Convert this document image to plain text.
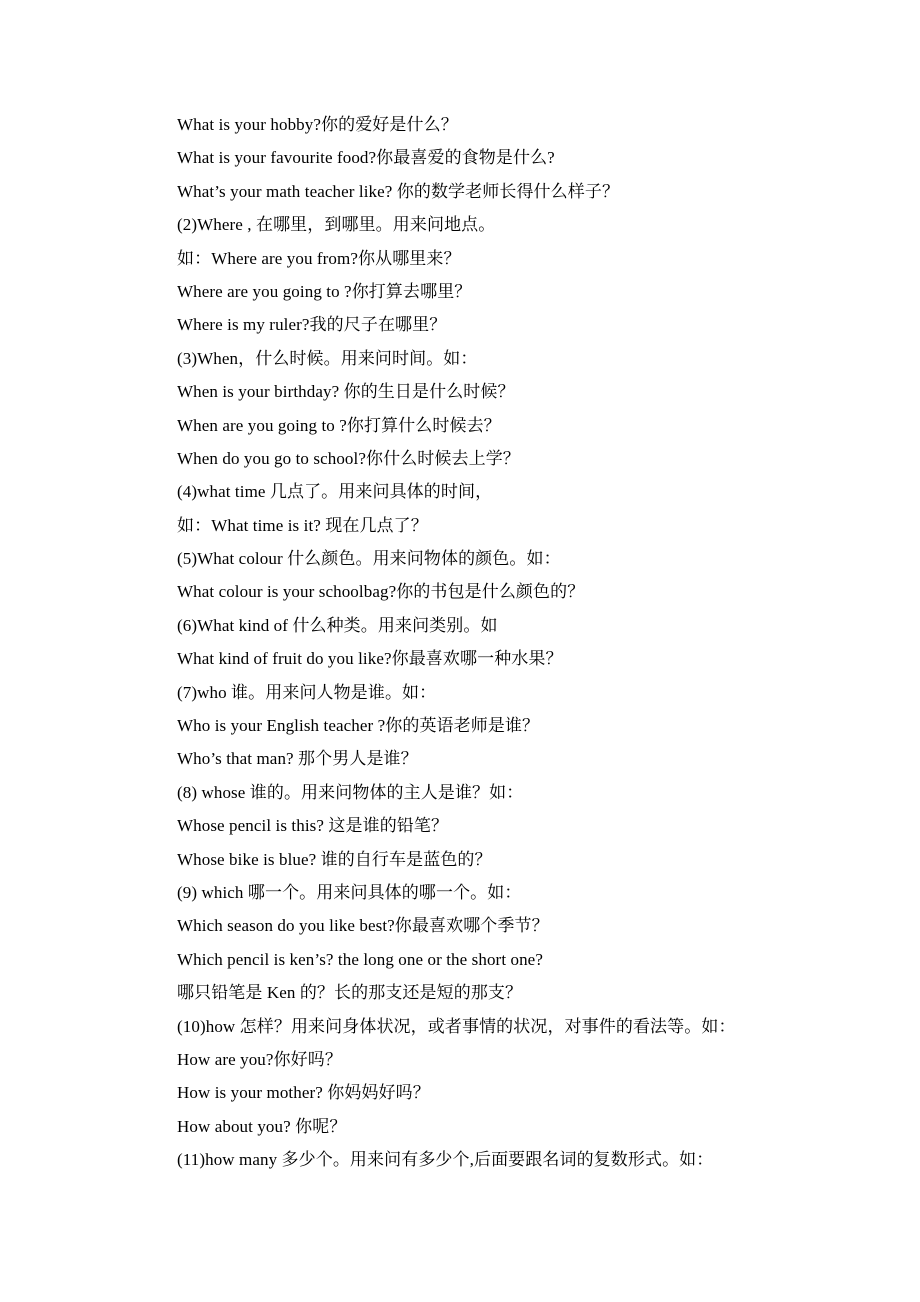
What is your hobby?你的爱好是什么？
What is your favourite food?你最喜爱的食物是什么?
What’s your math teacher like? 你的数学老师长得什么样子？
(2)Where , 在哪里，到哪里。用来问地点。
如：Where are you from?你从哪里来？
Where are you going to ?你打算去哪里？
Where is my ruler?我的尺子在哪里？
(3)When，什么时候。用来问时间。如：
When is your birthday? 你的生日是什么时候？
When are you going to ?你打算什么时候去？
When do you go to school?你什么时候去上学？
(4)what time 几点了。用来问具体的时间，
如：What time is it? 现在几点了？
(5)What colour 什么颜色。用来问物体的颜色。如：
What colour is your schoolbag?你的书包是什么颜色的？
(6)What kind of 什么种类。用来问类别。如
What kind of fruit do you like?你最喜欢哪一种水果？
(7)who 谁。用来问人物是谁。如：
Who is your English teacher ?你的英语老师是谁？
Who’s that man? 那个男人是谁？
(8) whose 谁的。用来问物体的主人是谁？如：
Whose pencil is this? 这是谁的铅笔？
Whose bike is blue? 谁的自行车是蓝色的？
(9) which 哪一个。用来问具体的哪一个。如：
Which season do you like best?你最喜欢哪个季节？
Which pencil is ken’s? the long one or the short one?
哪只铅笔是 Ken 的？长的那支还是短的那支？
(10)how 怎样？用来问身体状况，或者事情的状况，对事件的看法等。如：
How are you?你好吗？
How is your mother? 你妈妈好吗？
How about you? 你呢？
(11)how many 多少个。用来问有多少个,后面要跟名词的复数形式。如：
